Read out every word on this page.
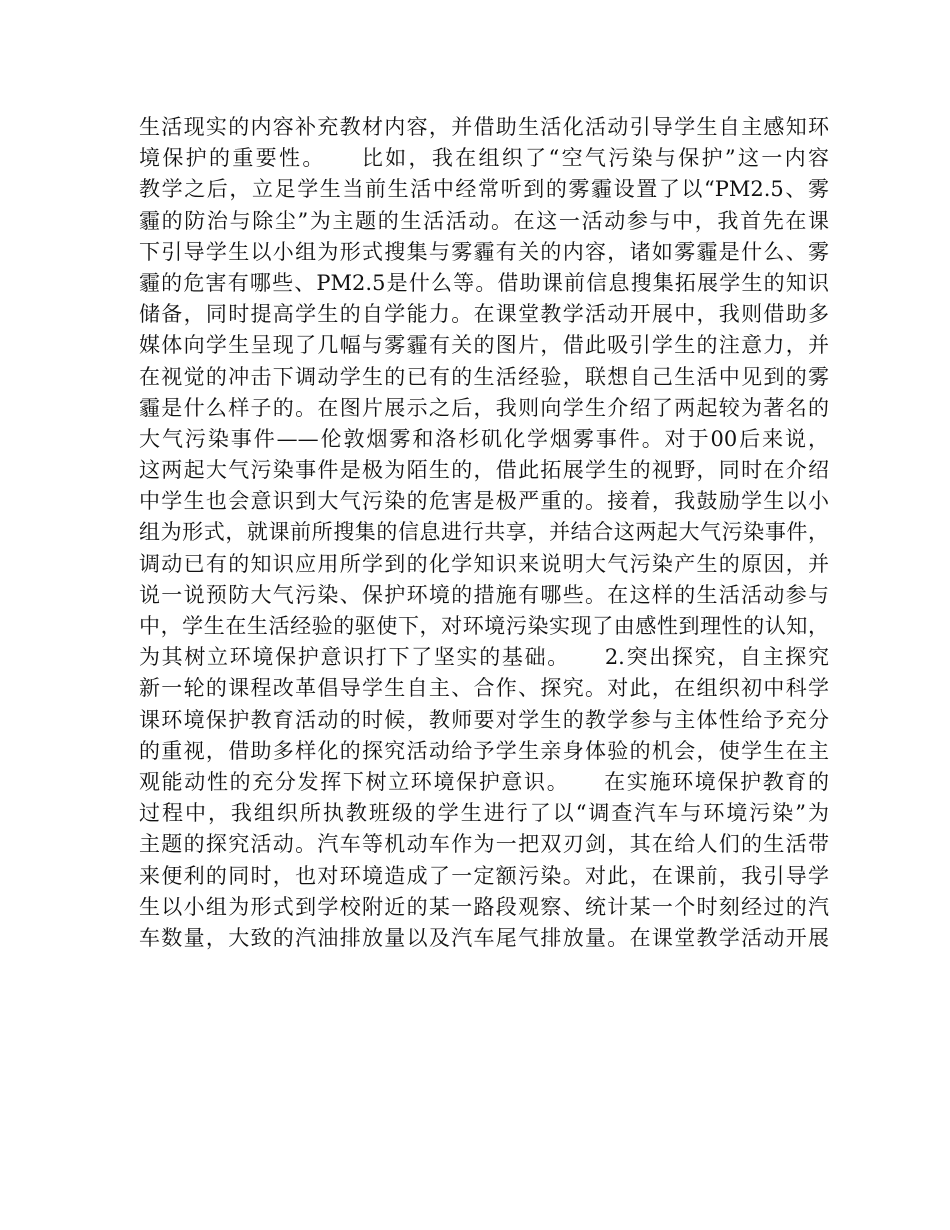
生活现实的内容补充教材内容，并借助生活化活动引导学生自主感知环
境保护的重要性。　　比如，我在组织了“空气污染与保护”这一内容
教学之后，立足学生当前生活中经常听到的雾霾设置了以“PM2.5、雾
霾的防治与除尘”为主题的生活活动。在这一活动参与中，我首先在课
下引导学生以小组为形式搜集与雾霾有关的内容，诸如雾霾是什么、雾
霾的危害有哪些、PM2.5是什么等。借助课前信息搜集拓展学生的知识
储备，同时提高学生的自学能力。在课堂教学活动开展中，我则借助多
媒体向学生呈现了几幅与雾霾有关的图片，借此吸引学生的注意力，并
在视觉的冲击下调动学生的已有的生活经验，联想自己生活中见到的雾
霾是什么样子的。在图片展示之后，我则向学生介绍了两起较为著名的
大气污染事件——伦敦烟雾和洛杉矶化学烟雾事件。对于00后来说，
这两起大气污染事件是极为陌生的，借此拓展学生的视野，同时在介绍
中学生也会意识到大气污染的危害是极严重的。接着，我鼓励学生以小
组为形式，就课前所搜集的信息进行共享，并结合这两起大气污染事件，
调动已有的知识应用所学到的化学知识来说明大气污染产生的原因，并
说一说预防大气污染、保护环境的措施有哪些。在这样的生活活动参与
中，学生在生活经验的驱使下，对环境污染实现了由感性到理性的认知，
为其树立环境保护意识打下了坚实的基础。　　2.突出探究，自主探究
新一轮的课程改革倡导学生自主、合作、探究。对此，在组织初中科学
课环境保护教育活动的时候，教师要对学生的教学参与主体性给予充分
的重视，借助多样化的探究活动给予学生亲身体验的机会，使学生在主
观能动性的充分发挥下树立环境保护意识。　　在实施环境保护教育的
过程中，我组织所执教班级的学生进行了以“调查汽车与环境污染”为
主题的探究活动。汽车等机动车作为一把双刃剑，其在给人们的生活带
来便利的同时，也对环境造成了一定额污染。对此，在课前，我引导学
生以小组为形式到学校附近的某一路段观察、统计某一个时刻经过的汽
车数量，大致的汽油排放量以及汽车尾气排放量。在课堂教学活动开展
